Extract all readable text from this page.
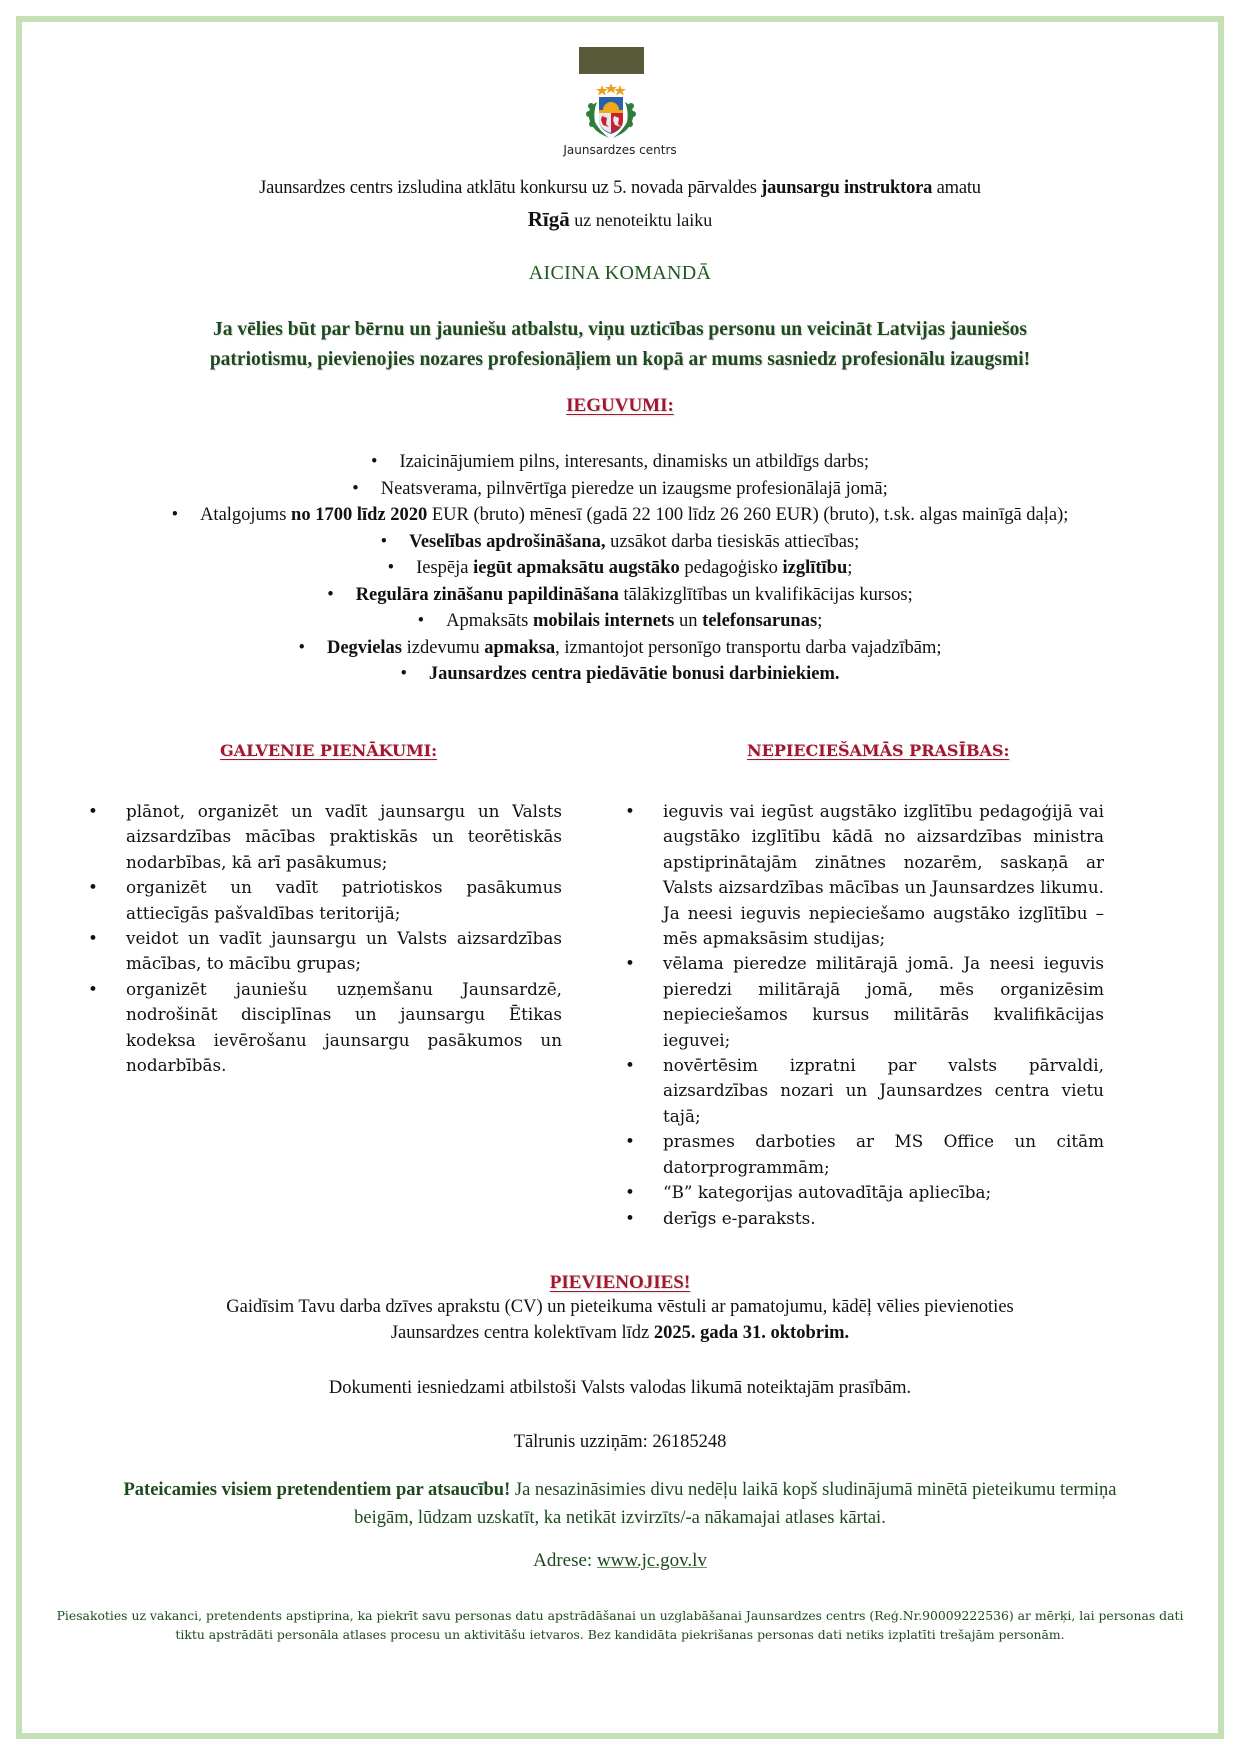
Jaunsardzes centrs
Jaunsardzes centrs izsludina atklātu konkursu uz 5. novada pārvaldes jaunsargu instruktora amatu
Rīgā uz nenoteiktu laiku
AICINA KOMANDĀ
Ja vēlies būt par bērnu un jauniešu atbalstu, viņu uzticības personu un veicināt Latvijas jauniešos
patriotismu, pievienojies nozares profesionāļiem un kopā ar mums sasniedz profesionālu izaugsmi!
IEGUVUMI:
• Izaicinājumiem pilns, interesants, dinamisks un atbildīgs darbs;
• Neatsverama, pilnvērtīga pieredze un izaugsme profesionālajā jomā;
• Atalgojums no 1700 līdz 2020 EUR (bruto) mēnesī (gadā 22 100 līdz 26 260 EUR) (bruto), t.sk. algas mainīgā daļa);
• Veselības apdrošināšana, uzsākot darba tiesiskās attiecības;
• Iespēja iegūt apmaksātu augstāko pedagoģisko izglītību;
• Regulāra zināšanu papildināšana tālākizglītības un kvalifikācijas kursos;
• Apmaksāts mobilais internets un telefonsarunas;
• Degvielas izdevumu apmaksa, izmantojot personīgo transportu darba vajadzībām;
• Jaunsardzes centra piedāvātie bonusi darbiniekiem.
GALVENIE PIENĀKUMI:
• plānot, organizēt un vadīt jaunsargu un Valsts aizsardzības mācības praktiskās un teorētiskās nodarbības, kā arī pasākumus;
• organizēt un vadīt patriotiskos pasākumus attiecīgās pašvaldības teritorijā;
• veidot un vadīt jaunsargu un Valsts aizsardzības mācības, to mācību grupas;
• organizēt jauniešu uzņemšanu Jaunsardzē, nodrošināt disciplīnas un jaunsargu Ētikas kodeksa ievērošanu jaunsargu pasākumos un nodarbībās.
NEPIECIEŠAMĀS PRASĪBAS:
• ieguvis vai iegūst augstāko izglītību pedagoģijā vai augstāko izglītību kādā no aizsardzības ministra apstiprinātajām zinātnes nozarēm, saskaņā ar Valsts aizsardzības mācības un Jaunsardzes likumu. Ja neesi ieguvis nepieciešamo augstāko izglītību – mēs apmaksāsim studijas;
• vēlama pieredze militārajā jomā. Ja neesi ieguvis pieredzi militārajā jomā, mēs organizēsim nepieciešamos kursus militārās kvalifikācijas ieguvei;
• novērtēsim izpratni par valsts pārvaldi, aizsardzības nozari un Jaunsardzes centra vietu tajā;
• prasmes darboties ar MS Office un citām datorprogrammām;
• “B” kategorijas autovadītāja apliecība;
• derīgs e-paraksts.
PIEVIENOJIES!
Gaidīsim Tavu darba dzīves aprakstu (CV) un pieteikuma vēstuli ar pamatojumu, kādēļ vēlies pievienoties
Jaunsardzes centra kolektīvam līdz 2025. gada 31. oktobrim.
Dokumenti iesniedzami atbilstoši Valsts valodas likumā noteiktajām prasībām.
Tālrunis uzziņām: 26185248
Pateicamies visiem pretendentiem par atsaucību! Ja nesazināsimies divu nedēļu laikā kopš sludinājumā minētā pieteikumu termiņa beigām, lūdzam uzskatīt, ka netikāt izvirzīts/-a nākamajai atlases kārtai.
Adrese: www.jc.gov.lv
Piesakoties uz vakanci, pretendents apstiprina, ka piekrīt savu personas datu apstrādāšanai un uzglabāšanai Jaunsardzes centrs (Reģ.Nr.90009222536) ar mērķi, lai personas dati tiktu apstrādāti personāla atlases procesu un aktivitāšu ietvaros. Bez kandidāta piekrišanas personas dati netiks izplatīti trešajām personām.
